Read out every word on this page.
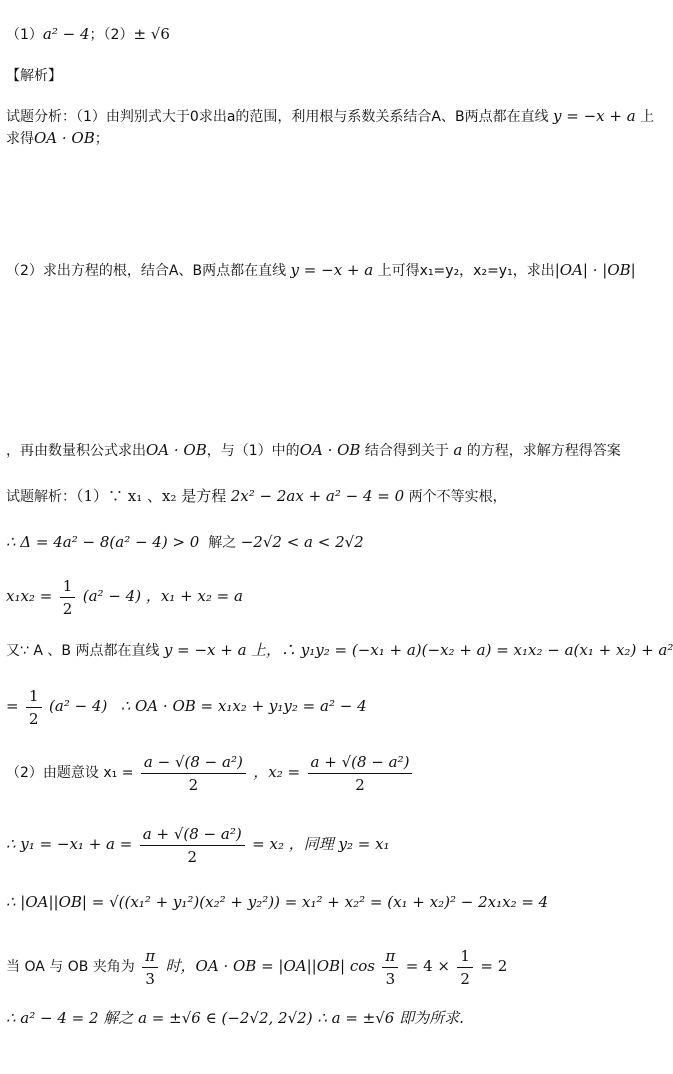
（1）a² − 4；（2）± √6
【解析】
试题分析：（1）由判别式大于0求出a的范围，利用根与系数关系结合A、B两点都在直线 y = −x + a 上
求得OA · OB；
（2）求出方程的根，结合A、B两点都在直线 y = −x + a 上可得x₁=y₂，x₂=y₁，求出|OA| · |OB|
，再由数量积公式求出OA · OB，与（1）中的OA · OB 结合得到关于 a 的方程，求解方程得答案
试题解析：（1）∵ x₁ 、x₂ 是方程 2x² − 2ax + a² − 4 = 0 两个不等实根，
∴ Δ = 4a² − 8(a² − 4) > 0 解之 −2√2 < a < 2√2
$x_1x_2 = \frac{1}{2} (a^2 - 4)$ ，x₁ + x₂ = a
又∵ A 、B 两点都在直线 y = −x + a 上，∴ y₁y₂ = (−x₁ + a)(−x₂ + a) = x₁x₂ − a(x₁ + x₂) + a²
= $\frac{1}{2} (a^2 - 4)$ ∴ OA · OB = x₁x₂ + y₁y₂ = a² − 4
（2）由题意设 $x_1 = \frac{\text{a − √(8 − a²)}}{2}$ ，$x_2 = \frac{\text{a + √(8 − a²)}}{2}$
∴ $y_1 = -x_1 + a = \frac{\text{a + √(8 − a²)}}{2} = x_2$ ，同理 y₂ = x₁
∴ |OA||OB| = √((x₁² + y₁²)(x₂² + y₂²)) = x₁² + x₂² = (x₁ + x₂)² − 2x₁x₂ = 4
当 OA 与 OB 夹角为 $\frac{\pi}{3}$ 时，OA · OB = |OA||OB| $\cos \frac{\pi}{3} = 4 \times \frac{1}{2} = 2$
∴ a² − 4 = 2 解之 a = ±√6 ∈ (−2√2, 2√2) ∴ a = ±√6 即为所求.
